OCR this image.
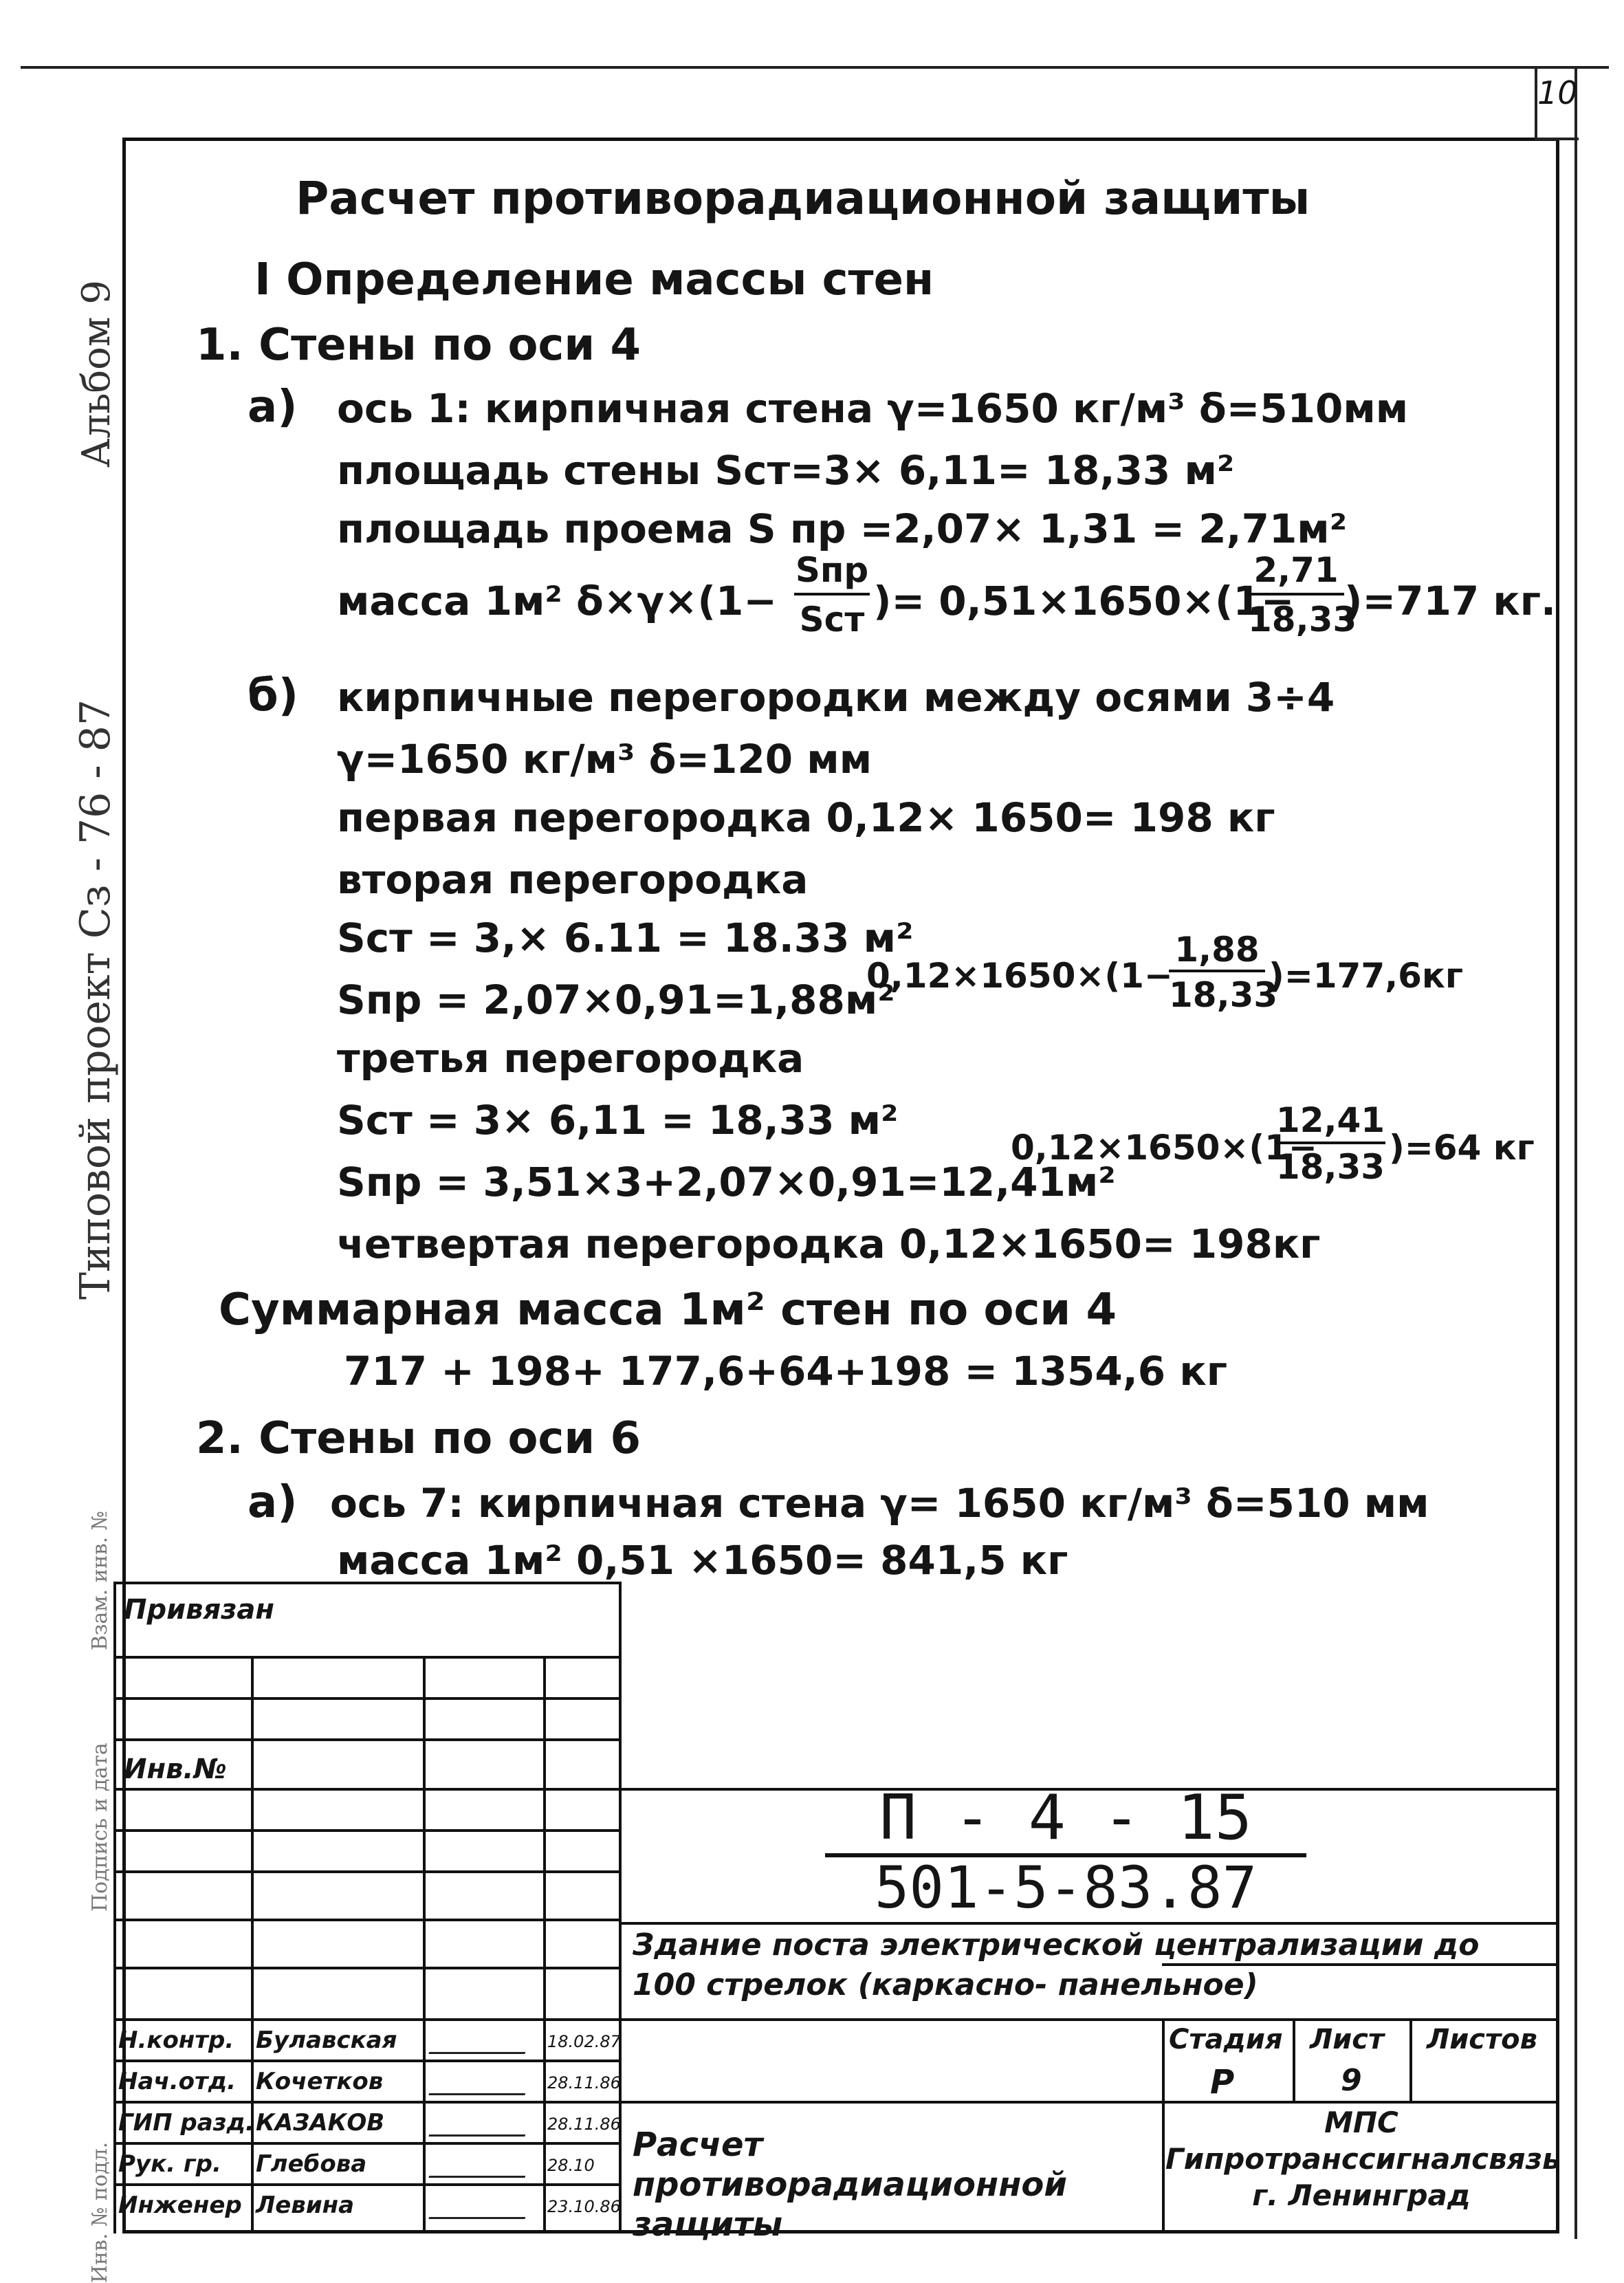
10
Альбом 9
Типовой проект Сз - 76 - 87
Инв. № подл.
Подпись и дата
Взам. инв. №
Расчет противорадиационной защиты
I Определение массы стен
1. Стены по оси 4
а) ось 1: кирпичная стена γ=1650 кг/м³ δ=510мм
площадь стены Sст=3× 6,11= 18,33 м²
площадь проема S пр =2,07× 1,31 = 2,71м²
масса 1м² δ×γ×(1−
Sпр
Sст )= 0,51×1650×(1−
2,71
18,33
)=717 кг.
б) кирпичные перегородки между осями 3÷4
γ=1650 кг/м³ δ=120 мм
первая перегородка 0,12× 1650= 198 кг
вторая перегородка
Sст = 3,× 6.11 = 18.33 м²
Sпр = 2,07×0,91=1,88м²
0,12×1650×(1−
1,88
18,33
)=177,6кг
третья перегородка
Sст = 3× 6,11 = 18,33 м²
Sпр = 3,51×3+2,07×0,91=12,41м²
0,12×1650×(1−
12,41
18,33 )=64 кг
четвертая перегородка 0,12×1650= 198кг
Суммарная масса 1м² стен по оси 4
717 + 198+ 177,6+64+198 = 1354,6 кг
2. Стены по оси 6
а) ось 7: кирпичная стена γ= 1650 кг/м³ δ=510 мм
масса 1м² 0,51 ×1650= 841,5 кг
Привязан
Инв.№
П - 4 - 15
501-5-83.87
Здание поста электрической централизации до 100 стрелок (каркасно- панельное)
Стадия Лист Листов
Р	9
Расчет противорадиационной защиты
МПС
Гипротранссигналсвязь
г. Ленинград
Н.контр. Булавская	18.02.87
Нач.отд. Кочетков	28.11.86
ГИП разд. КАЗАКОВ	28.11.86
Рук. гр. Глебова	28.10
Инженер Левина	23.10.86
